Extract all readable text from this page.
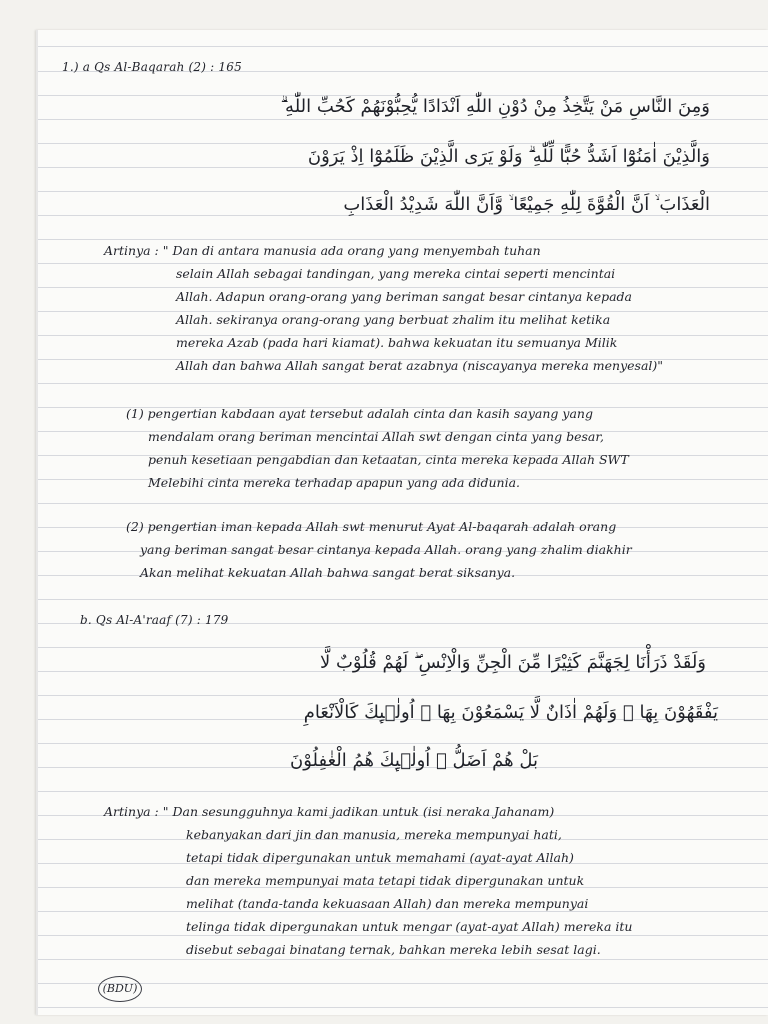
1.) a Qs Al-Baqarah (2) : 165

وَمِنَ النَّاسِ مَنْ يَتَّخِذُ مِنْ دُوْنِ اللّٰهِ اَنْدَادًا يُّحِبُّوْنَهُمْ كَحُبِّ اللّٰهِ ۗ

وَالَّذِيْنَ اٰمَنُوْٓا اَشَدُّ حُبًّا لِّلّٰهِ ۗ وَلَوْ يَرَى الَّذِيْنَ ظَلَمُوْٓا اِذْ يَرَوْنَ

الْعَذَابَ ۙ اَنَّ الْقُوَّةَ لِلّٰهِ جَمِيْعًا ۙ وَّاَنَّ اللّٰهَ شَدِيْدُ الْعَذَابِ

Artinya : " Dan di antara manusia ada orang yang menyembah tuhan

selain Allah sebagai tandingan, yang mereka cintai seperti mencintai

Allah. Adapun orang-orang yang beriman sangat besar cintanya kepada

Allah. sekiranya orang-orang yang berbuat zhalim itu melihat ketika

mereka Azab (pada hari kiamat). bahwa kekuatan itu semuanya Milik

Allah dan bahwa Allah sangat berat azabnya (niscayanya mereka menyesal)"

(1) pengertian kabdaan ayat tersebut adalah cinta dan kasih sayang yang

mendalam orang beriman mencintai Allah swt dengan cinta yang besar,

penuh kesetiaan pengabdian dan ketaatan, cinta mereka kepada Allah SWT

Melebihi cinta mereka terhadap apapun yang ada didunia.

(2) pengertian iman kepada Allah swt menurut Ayat Al-baqarah adalah orang

yang beriman sangat besar cintanya kepada Allah. orang yang zhalim diakhir

Akan melihat kekuatan Allah bahwa sangat berat siksanya.

b. Qs Al-A'raaf (7) : 179

وَلَقَدْ ذَرَأْنَا لِجَهَنَّمَ كَثِيْرًا مِّنَ الْجِنِّ وَالْاِنْسِ ۖ لَهُمْ قُلُوْبٌ لَّا

يَفْقَهُوْنَ بِهَا ۖ وَلَهُمْ اٰذَانٌ لَّا يَسْمَعُوْنَ بِهَا ۗ اُولٰۤىِٕكَ كَالْاَنْعَامِ

بَلْ هُمْ اَضَلُّ ۗ اُولٰۤىِٕكَ هُمُ الْغٰفِلُوْنَ

Artinya : " Dan sesungguhnya kami jadikan untuk (isi neraka Jahanam)

kebanyakan dari jin dan manusia, mereka mempunyai hati,

tetapi tidak dipergunakan untuk memahami (ayat-ayat Allah)

dan mereka mempunyai mata tetapi tidak dipergunakan untuk

melihat (tanda-tanda kekuasaan Allah) dan mereka mempunyai

telinga tidak dipergunakan untuk mengar (ayat-ayat Allah) mereka itu

disebut sebagai binatang ternak, bahkan mereka lebih sesat lagi.

(BDU)
